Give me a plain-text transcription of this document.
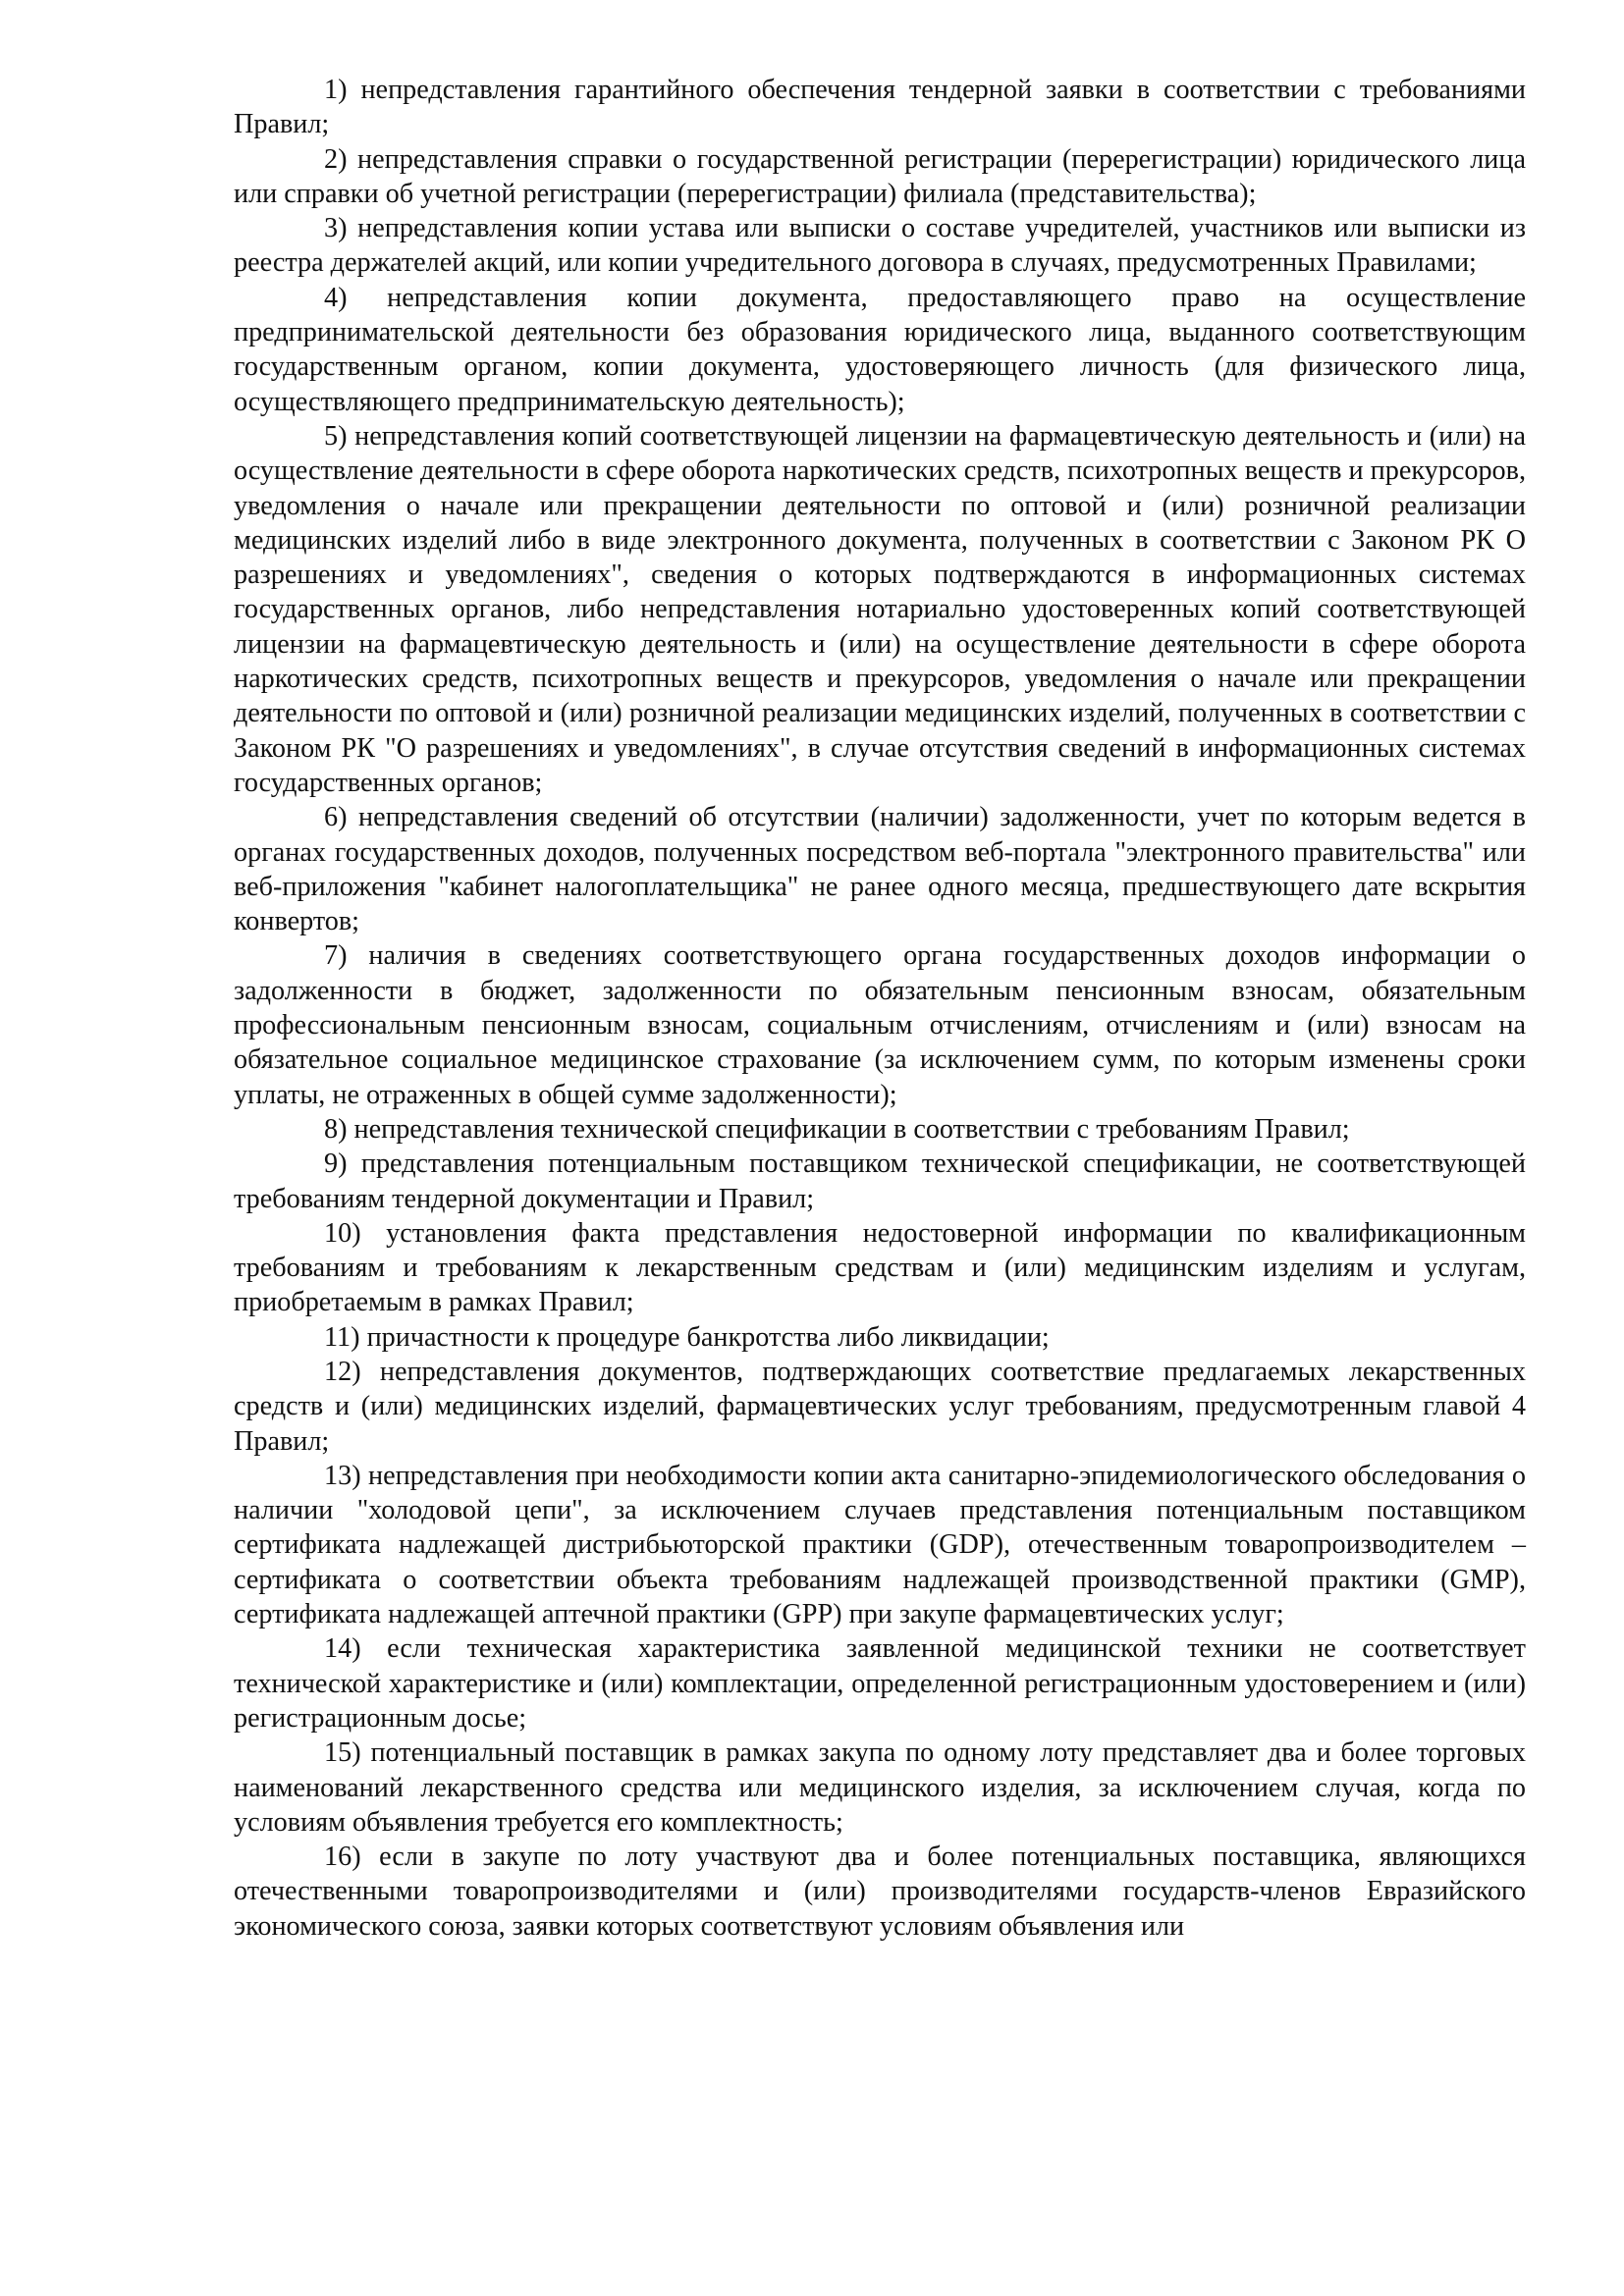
1) непредставления гарантийного обеспечения тендерной заявки в соответствии с требованиями Правил;

2) непредставления справки о государственной регистрации (перерегистрации) юридического лица или справки об учетной регистрации (перерегистрации) филиала (представительства);

3) непредставления копии устава или выписки о составе учредителей, участников или выписки из реестра держателей акций, или копии учредительного договора в случаях, предусмотренных Правилами;

4) непредставления копии документа, предоставляющего право на осуществление предпринимательской деятельности без образования юридического лица, выданного соответствующим государственным органом, копии документа, удостоверяющего личность (для физического лица, осуществляющего предпринимательскую деятельность);

5) непредставления копий соответствующей лицензии на фармацевтическую деятельность и (или) на осуществление деятельности в сфере оборота наркотических средств, психотропных веществ и прекурсоров, уведомления о начале или прекращении деятельности по оптовой и (или) розничной реализации медицинских изделий либо в виде электронного документа, полученных в соответствии с Законом РК О разрешениях и уведомлениях", сведения о которых подтверждаются в информационных системах государственных органов, либо непредставления нотариально удостоверенных копий соответствующей лицензии на фармацевтическую деятельность и (или) на осуществление деятельности в сфере оборота наркотических средств, психотропных веществ и прекурсоров, уведомления о начале или прекращении деятельности по оптовой и (или) розничной реализации медицинских изделий, полученных в соответствии с Законом РК "О разрешениях и уведомлениях", в случае отсутствия сведений в информационных системах государственных органов;

6) непредставления сведений об отсутствии (наличии) задолженности, учет по которым ведется в органах государственных доходов, полученных посредством веб-портала "электронного правительства" или веб-приложения "кабинет налогоплательщика" не ранее одного месяца, предшествующего дате вскрытия конвертов;

7) наличия в сведениях соответствующего органа государственных доходов информации о задолженности в бюджет, задолженности по обязательным пенсионным взносам, обязательным профессиональным пенсионным взносам, социальным отчислениям, отчислениям и (или) взносам на обязательное социальное медицинское страхование (за исключением сумм, по которым изменены сроки уплаты, не отраженных в общей сумме задолженности);

8) непредставления технической спецификации в соответствии с требованиям Правил;

9) представления потенциальным поставщиком технической спецификации, не соответствующей требованиям тендерной документации и Правил;

10) установления факта представления недостоверной информации по квалификационным требованиям и требованиям к лекарственным средствам и (или) медицинским изделиям и услугам, приобретаемым в рамках Правил;

11) причастности к процедуре банкротства либо ликвидации;

12) непредставления документов, подтверждающих соответствие предлагаемых лекарственных средств и (или) медицинских изделий, фармацевтических услуг требованиям, предусмотренным главой 4 Правил;

13) непредставления при необходимости копии акта санитарно-эпидемиологического обследования о наличии "холодовой цепи", за исключением случаев представления потенциальным поставщиком сертификата надлежащей дистрибьюторской практики (GDP), отечественным товаропроизводителем – сертификата о соответствии объекта требованиям надлежащей производственной практики (GMP), сертификата надлежащей аптечной практики (GPP) при закупе фармацевтических услуг;

14) если техническая характеристика заявленной медицинской техники не соответствует технической характеристике и (или) комплектации, определенной регистрационным удостоверением и (или) регистрационным досье;

15) потенциальный поставщик в рамках закупа по одному лоту представляет два и более торговых наименований лекарственного средства или медицинского изделия, за исключением случая, когда по условиям объявления требуется его комплектность;

16) если в закупе по лоту участвуют два и более потенциальных поставщика, являющихся отечественными товаропроизводителями и (или) производителями государств-членов Евразийского экономического союза, заявки которых соответствуют условиям объявления или
